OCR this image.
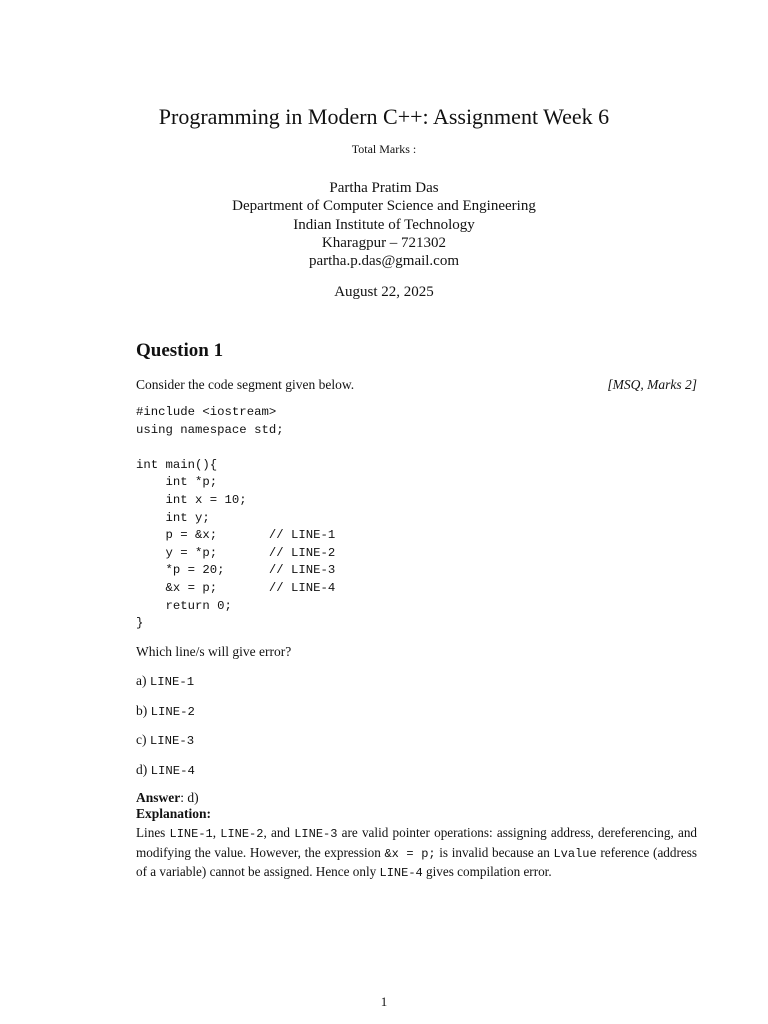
Programming in Modern C++: Assignment Week 6
Total Marks :
Partha Pratim Das
Department of Computer Science and Engineering
Indian Institute of Technology
Kharagpur – 721302
partha.p.das@gmail.com
August 22, 2025
Question 1
Consider the code segment given below.	[MSQ, Marks 2]
#include <iostream>
using namespace std;
int main(){
int *p;
int x = 10;
int y;
p = &x;       // LINE-1
y = *p;       // LINE-2
*p = 20;      // LINE-3
&x = p;       // LINE-4
return 0;
}
Which line/s will give error?
a) LINE-1
b) LINE-2
c) LINE-3
d) LINE-4
Answer: d)
Explanation:
Lines LINE-1, LINE-2, and LINE-3 are valid pointer operations: assigning address, dereferencing, and modifying the value. However, the expression &x = p; is invalid because an Lvalue reference (address of a variable) cannot be assigned. Hence only LINE-4 gives compilation error.
1
